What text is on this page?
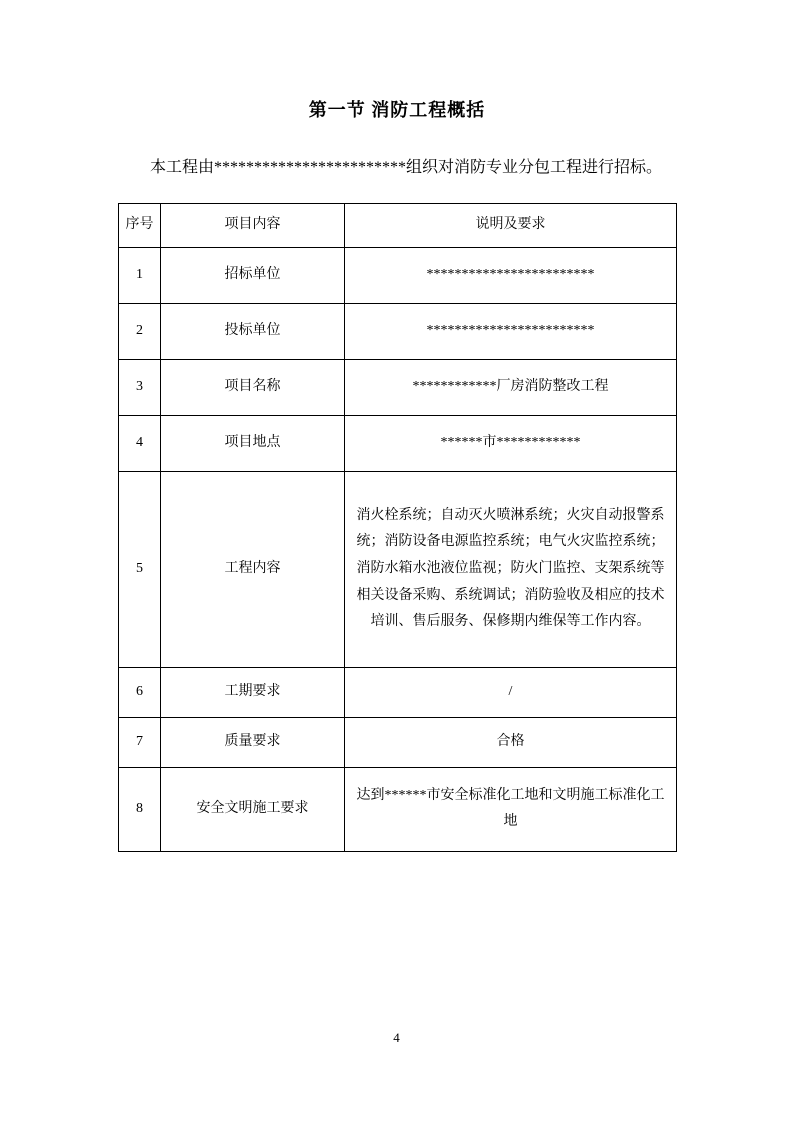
第一节 消防工程概括

本工程由************************组织对消防专业分包工程进行招标。

序号	项目内容	说明及要求
1	招标单位	************************
2	投标单位	************************
3	项目名称	************厂房消防整改工程
4	项目地点	******市************
5	工程内容	消火栓系统；自动灭火喷淋系统；火灾自动报警系统；消防设备电源监控系统；电气火灾监控系统；消防水箱水池液位监视；防火门监控、支架系统等相关设备采购、系统调试；消防验收及相应的技术培训、售后服务、保修期内维保等工作内容。
6	工期要求	/
7	质量要求	合格
8	安全文明施工要求	达到******市安全标准化工地和文明施工标准化工地
4
